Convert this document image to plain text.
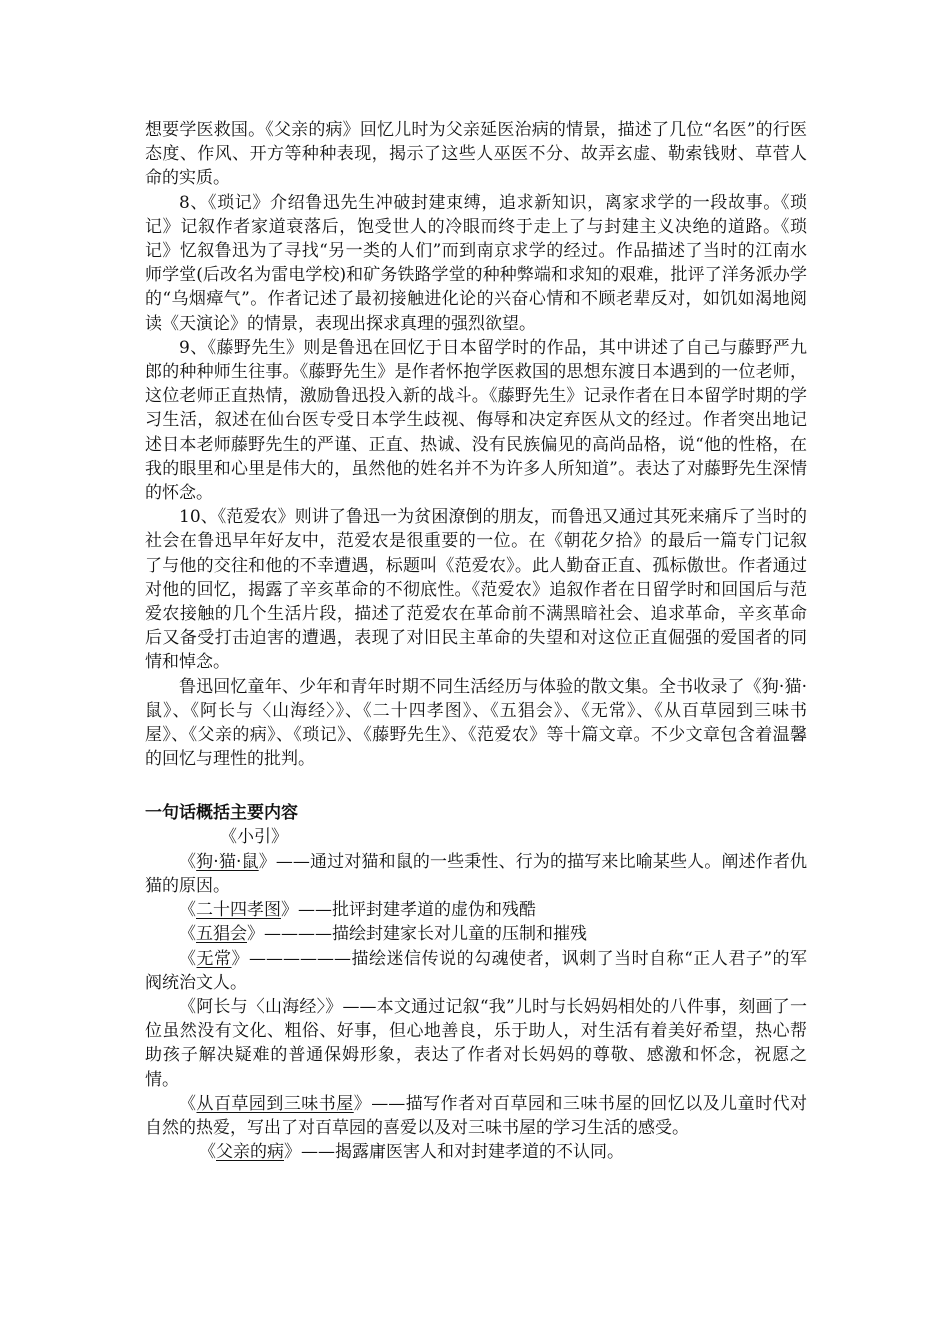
想要学医救国。《父亲的病》回忆儿时为父亲延医治病的情景，描述了几位“名医”的行医态度、作风、开方等种种表现，揭示了这些人巫医不分、故弄玄虚、勒索钱财、草菅人命的实质。

8、《琐记》介绍鲁迅先生冲破封建束缚，追求新知识，离家求学的一段故事。《琐记》记叙作者家道衰落后，饱受世人的冷眼而终于走上了与封建主义决绝的道路。《琐记》忆叙鲁迅为了寻找“另一类的人们”而到南京求学的经过。作品描述了当时的江南水师学堂(后改名为雷电学校)和矿务铁路学堂的种种弊端和求知的艰难，批评了洋务派办学的“乌烟瘴气”。作者记述了最初接触进化论的兴奋心情和不顾老辈反对，如饥如渴地阅读《天演论》的情景，表现出探求真理的强烈欲望。

9、《藤野先生》则是鲁迅在回忆于日本留学时的作品，其中讲述了自己与藤野严九郎的种种师生往事。《藤野先生》是作者怀抱学医救国的思想东渡日本遇到的一位老师，这位老师正直热情，激励鲁迅投入新的战斗。《藤野先生》记录作者在日本留学时期的学习生活，叙述在仙台医专受日本学生歧视、侮辱和决定弃医从文的经过。作者突出地记述日本老师藤野先生的严谨、正直、热诚、没有民族偏见的高尚品格，说“他的性格，在我的眼里和心里是伟大的，虽然他的姓名并不为许多人所知道”。表达了对藤野先生深情的怀念。

10、《范爱农》则讲了鲁迅一为贫困潦倒的朋友，而鲁迅又通过其死来痛斥了当时的社会在鲁迅早年好友中，范爱农是很重要的一位。在《朝花夕拾》的最后一篇专门记叙了与他的交往和他的不幸遭遇，标题叫《范爱农》。此人勤奋正直、孤标傲世。作者通过对他的回忆，揭露了辛亥革命的不彻底性。《范爱农》追叙作者在日留学时和回国后与范爱农接触的几个生活片段，描述了范爱农在革命前不满黑暗社会、追求革命，辛亥革命后又备受打击迫害的遭遇，表现了对旧民主革命的失望和对这位正直倔强的爱国者的同情和悼念。

鲁迅回忆童年、少年和青年时期不同生活经历与体验的散文集。全书收录了《狗·猫·鼠》、《阿长与〈山海经〉》、《二十四孝图》、《五猖会》、《无常》、《从百草园到三味书屋》、《父亲的病》、《琐记》、《藤野先生》、《范爱农》等十篇文章。不少文章包含着温馨的回忆与理性的批判。

一句话概括主要内容

《小引》

《狗·猫·鼠》——通过对猫和鼠的一些秉性、行为的描写来比喻某些人。阐述作者仇猫的原因。

《二十四孝图》——批评封建孝道的虚伪和残酷

《五猖会》————描绘封建家长对儿童的压制和摧残

《无常》——————描绘迷信传说的勾魂使者，讽刺了当时自称“正人君子”的军阀统治文人。

《阿长与〈山海经〉》——本文通过记叙“我”儿时与长妈妈相处的八件事，刻画了一位虽然没有文化、粗俗、好事，但心地善良，乐于助人，对生活有着美好希望，热心帮助孩子解决疑难的普通保姆形象，表达了作者对长妈妈的尊敬、感激和怀念，祝愿之情。

《从百草园到三味书屋》——描写作者对百草园和三味书屋的回忆以及儿童时代对自然的热爱，写出了对百草园的喜爱以及对三味书屋的学习生活的感受。

《父亲的病》——揭露庸医害人和对封建孝道的不认同。
